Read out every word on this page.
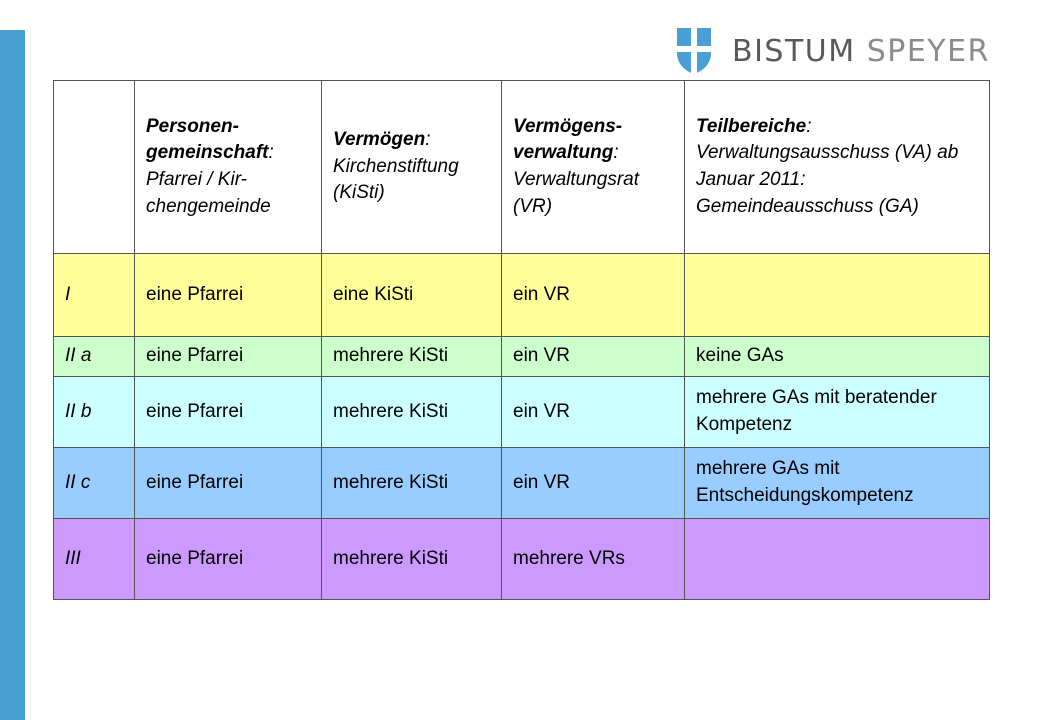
BISTUM SPEYER
	Personen-gemeinschaft: Pfarrei / Kir-chengemeinde	Vermögen: Kirchenstiftung (KiSti)	Vermögens-verwaltung: Verwaltungsrat (VR)	Teilbereiche: Verwaltungsausschuss (VA) ab Januar 2011: Gemeindeausschuss (GA)
I	eine Pfarrei	eine KiSti	ein VR	
II a	eine Pfarrei	mehrere KiSti	ein VR	keine GAs
II b	eine Pfarrei	mehrere KiSti	ein VR	mehrere GAs mit beratender Kompetenz
II c	eine Pfarrei	mehrere KiSti	ein VR	mehrere GAs mit Entscheidungskompetenz
III	eine Pfarrei	mehrere KiSti	mehrere VRs	
